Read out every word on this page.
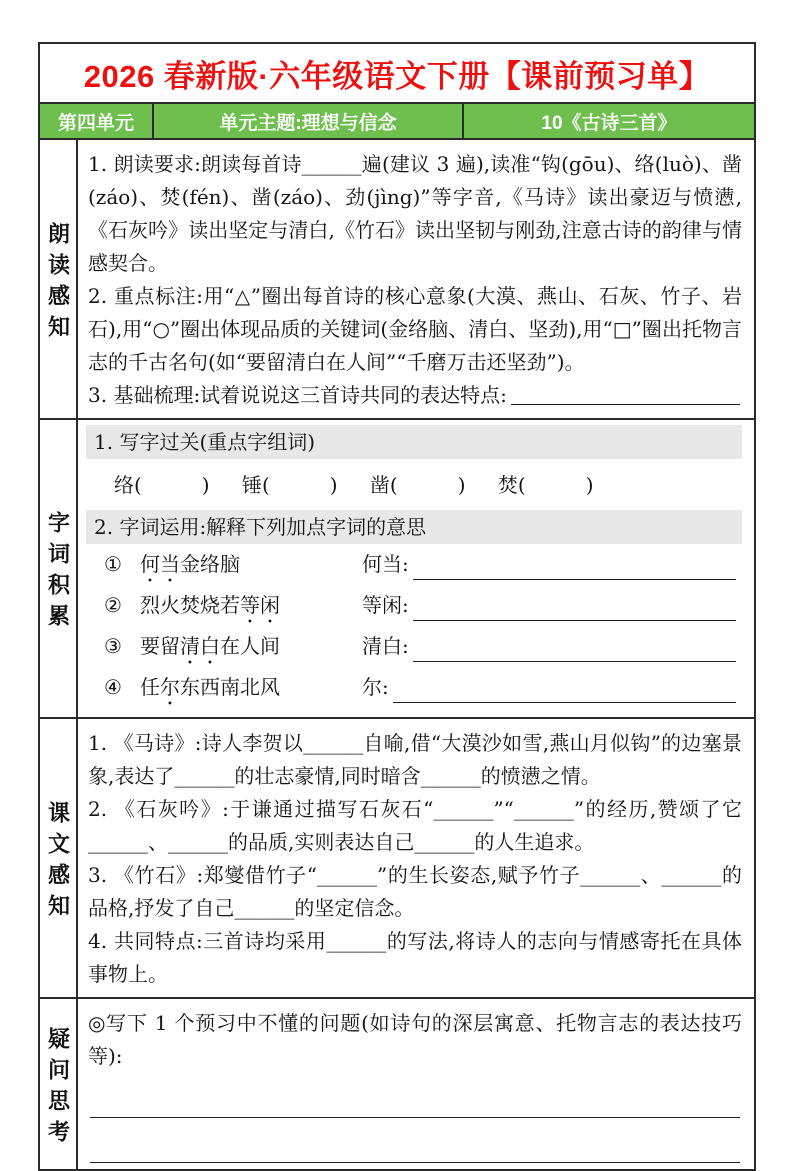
2026 春新版·六年级语文下册【课前预习单】
第四单元	单元主题:理想与信念	10《古诗三首》
朗读感知

1. 朗读要求:朗读每首诗______遍(建议 3 遍),读准“钩(gōu)、络(luò)、凿(záo)、焚(fén)、凿(záo)、劲(jìng)”等字音,《马诗》读出豪迈与愤懑,《石灰吟》读出坚定与清白,《竹石》读出坚韧与刚劲,注意古诗的韵律与情感契合。

2. 重点标注:用“△”圈出每首诗的核心意象(大漠、燕山、石灰、竹子、岩石),用“○”圈出体现品质的关键词(金络脑、清白、坚劲),用“□”圈出托物言志的千古名句(如“要留清白在人间”“千磨万击还坚劲”)。

3. 基础梳理:试着说说这三首诗共同的表达特点:

字词积累
1. 写字过关(重点字组词)
络(　　　) 锤(　　　) 凿(　　　) 焚(　　　)
2. 字词运用:解释下列加点字词的意思
① 何当金络脑	何当:
② 烈火焚烧若等闲	等闲:
③ 要留清白在人间	清白:
④ 任尔东西南北风	尔:
课文感知

1. 《马诗》:诗人李贺以______自喻,借“大漠沙如雪,燕山月似钩”的边塞景象,表达了______的壮志豪情,同时暗含______的愤懑之情。

2. 《石灰吟》:于谦通过描写石灰石“______”“______”的经历,赞颂了它______、______的品质,实则表达自己______的人生追求。

3. 《竹石》:郑燮借竹子“______”的生长姿态,赋予竹子______、______的品格,抒发了自己______的坚定信念。

4. 共同特点:三首诗均采用______的写法,将诗人的志向与情感寄托在具体事物上。

疑问思考

◎写下 1 个预习中不懂的问题(如诗句的深层寓意、托物言志的表达技巧等):
